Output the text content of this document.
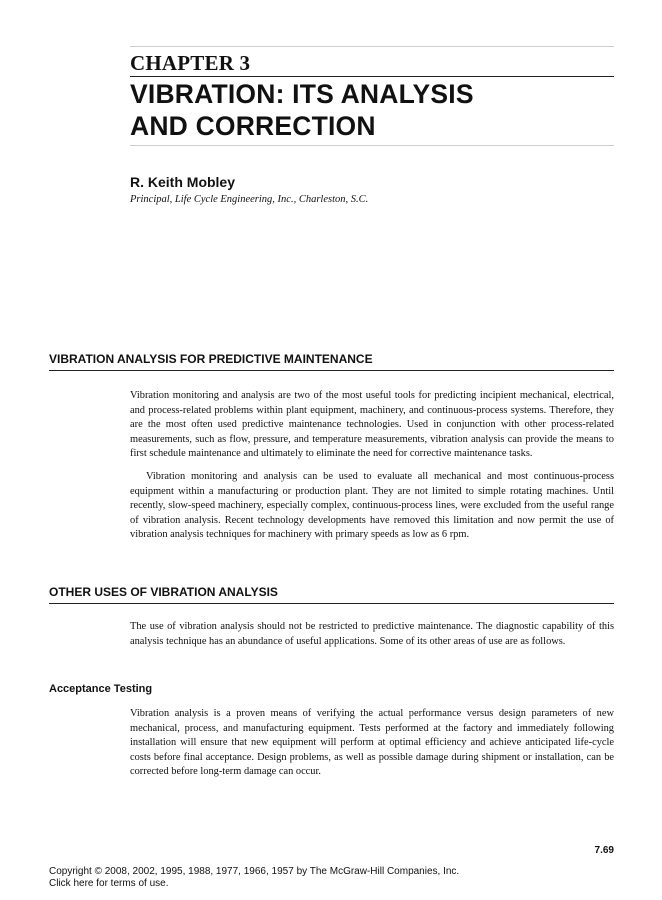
CHAPTER 3
VIBRATION: ITS ANALYSIS
AND CORRECTION
R. Keith Mobley
Principal, Life Cycle Engineering, Inc., Charleston, S.C.
VIBRATION ANALYSIS FOR PREDICTIVE MAINTENANCE

Vibration monitoring and analysis are two of the most useful tools for predicting incipient mechanical, electrical, and process-related problems within plant equipment, machinery, and continuous-process systems. Therefore, they are the most often used predictive maintenance technologies. Used in conjunction with other process-related measurements, such as flow, pressure, and temperature measurements, vibration analysis can provide the means to first schedule maintenance and ultimately to eliminate the need for corrective maintenance tasks.

Vibration monitoring and analysis can be used to evaluate all mechanical and most continuous-process equipment within a manufacturing or production plant. They are not limited to simple rotating machines. Until recently, slow-speed machinery, especially complex, continuous-process lines, were excluded from the useful range of vibration analysis. Recent technology developments have removed this limitation and now permit the use of vibration analysis techniques for machinery with primary speeds as low as 6 rpm.

OTHER USES OF VIBRATION ANALYSIS

The use of vibration analysis should not be restricted to predictive maintenance. The diagnostic capability of this analysis technique has an abundance of useful applications. Some of its other areas of use are as follows.

Acceptance Testing

Vibration analysis is a proven means of verifying the actual performance versus design parameters of new mechanical, process, and manufacturing equipment. Tests performed at the factory and immediately following installation will ensure that new equipment will perform at optimal efficiency and achieve anticipated life-cycle costs before final acceptance. Design problems, as well as possible damage during shipment or installation, can be corrected before long-term damage can occur.

7.69
Copyright © 2008, 2002, 1995, 1988, 1977, 1966, 1957 by The McGraw-Hill Companies, Inc.
Click here for terms of use.
